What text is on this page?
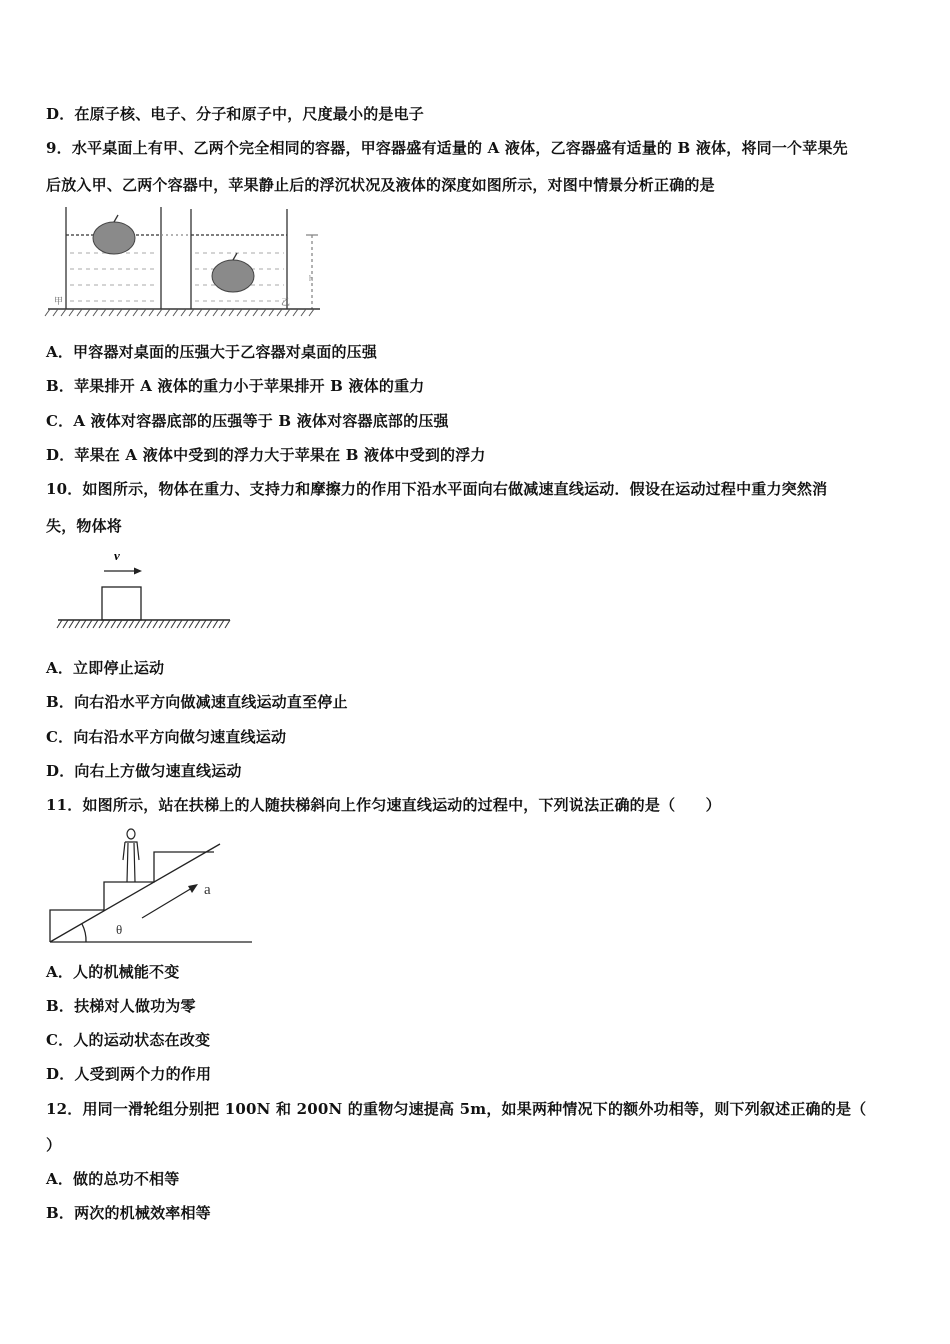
D．在原子核、电子、分子和原子中，尺度最小的是电子
9．水平桌面上有甲、乙两个完全相同的容器，甲容器盛有适量的 A 液体，乙容器盛有适量的 B 液体，将同一个苹果先
后放入甲、乙两个容器中，苹果静止后的浮沉状况及液体的深度如图所示，对图中情景分析正确的是
甲	乙
h
A．甲容器对桌面的压强大于乙容器对桌面的压强
B．苹果排开 A 液体的重力小于苹果排开 B 液体的重力
C．A 液体对容器底部的压强等于 B 液体对容器底部的压强
D．苹果在 A 液体中受到的浮力大于苹果在 B 液体中受到的浮力
10．如图所示，物体在重力、支持力和摩擦力的作用下沿水平面向右做减速直线运动．假设在运动过程中重力突然消
失，物体将
v
A．立即停止运动
B．向右沿水平方向做减速直线运动直至停止
C．向右沿水平方向做匀速直线运动
D．向右上方做匀速直线运动
11．如图所示，站在扶梯上的人随扶梯斜向上作匀速直线运动的过程中，下列说法正确的是（　　）
a
θ
A．人的机械能不变
B．扶梯对人做功为零
C．人的运动状态在改变
D．人受到两个力的作用
12．用同一滑轮组分别把 100N 和 200N 的重物匀速提高 5m，如果两种情况下的额外功相等，则下列叙述正确的是（
）
A．做的总功不相等
B．两次的机械效率相等
